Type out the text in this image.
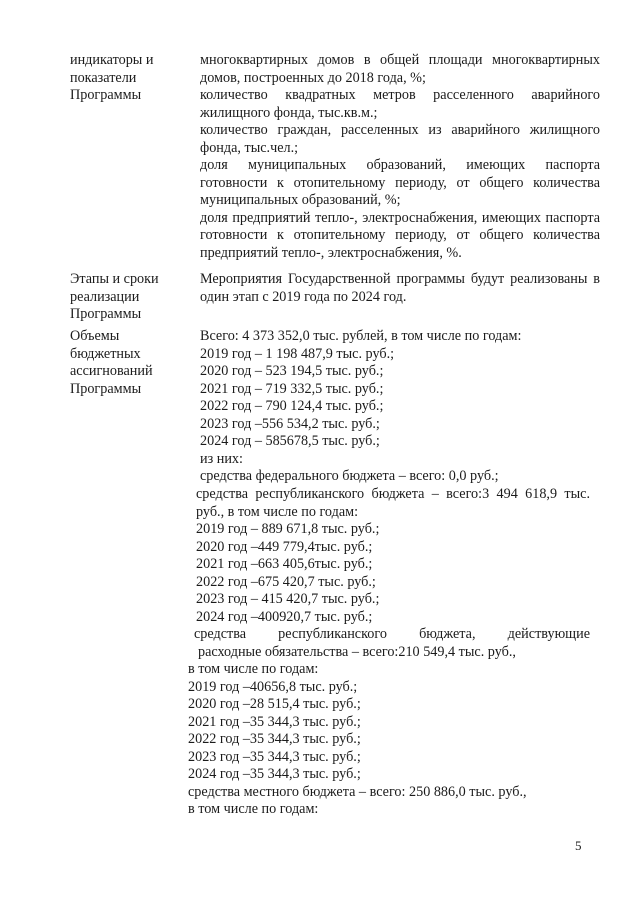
индикаторы и показатели Программы

многоквартирных домов в общей площади многоквартирных домов, построенных до 2018 года, %;

количество квадратных метров расселенного аварийного жилищного фонда, тыс.кв.м.;

количество граждан, расселенных из аварийного жилищного фонда, тыс.чел.;

доля муниципальных образований, имеющих паспорта готовности к отопительному периоду, от общего количества муниципальных образований, %;

доля предприятий тепло-, электроснабжения, имеющих паспорта готовности к отопительному периоду, от общего количества предприятий тепло-, электроснабжения, %.

Этапы и сроки реализации Программы

Мероприятия Государственной программы будут реализованы в один этап с 2019 года по 2024 год.

Объемы бюджетных ассигнований Программы
Всего: 4 373 352,0 тыс. рублей, в том числе по годам:
2019 год – 1 198 487,9 тыс. руб.;
2020 год – 523 194,5 тыс. руб.;
2021 год – 719 332,5 тыс. руб.;
2022 год – 790 124,4 тыс. руб.;
2023 год –556 534,2 тыс. руб.;
2024 год – 585678,5 тыс. руб.;
из них:
средства федерального бюджета – всего: 0,0 руб.;

средства республиканского бюджета – всего:3 494 618,9 тыс. руб., в том числе по годам:

2019 год – 889 671,8 тыс. руб.;
2020 год –449 779,4тыс. руб.;
2021 год –663 405,6тыс. руб.;
2022 год –675 420,7 тыс. руб.;
2023 год – 415 420,7 тыс. руб.;
2024 год –400920,7 тыс. руб.;

средства республиканского бюджета, действующие

расходные обязательства – всего:210 549,4 тыс. руб.,

в том числе по годам:
2019 год –40656,8 тыс. руб.;
2020 год –28 515,4 тыс. руб.;
2021 год –35 344,3 тыс. руб.;
2022 год –35 344,3 тыс. руб.;
2023 год –35 344,3 тыс. руб.;
2024 год –35 344,3 тыс. руб.;
средства местного бюджета – всего: 250 886,0 тыс. руб.,
в том числе по годам:
5
